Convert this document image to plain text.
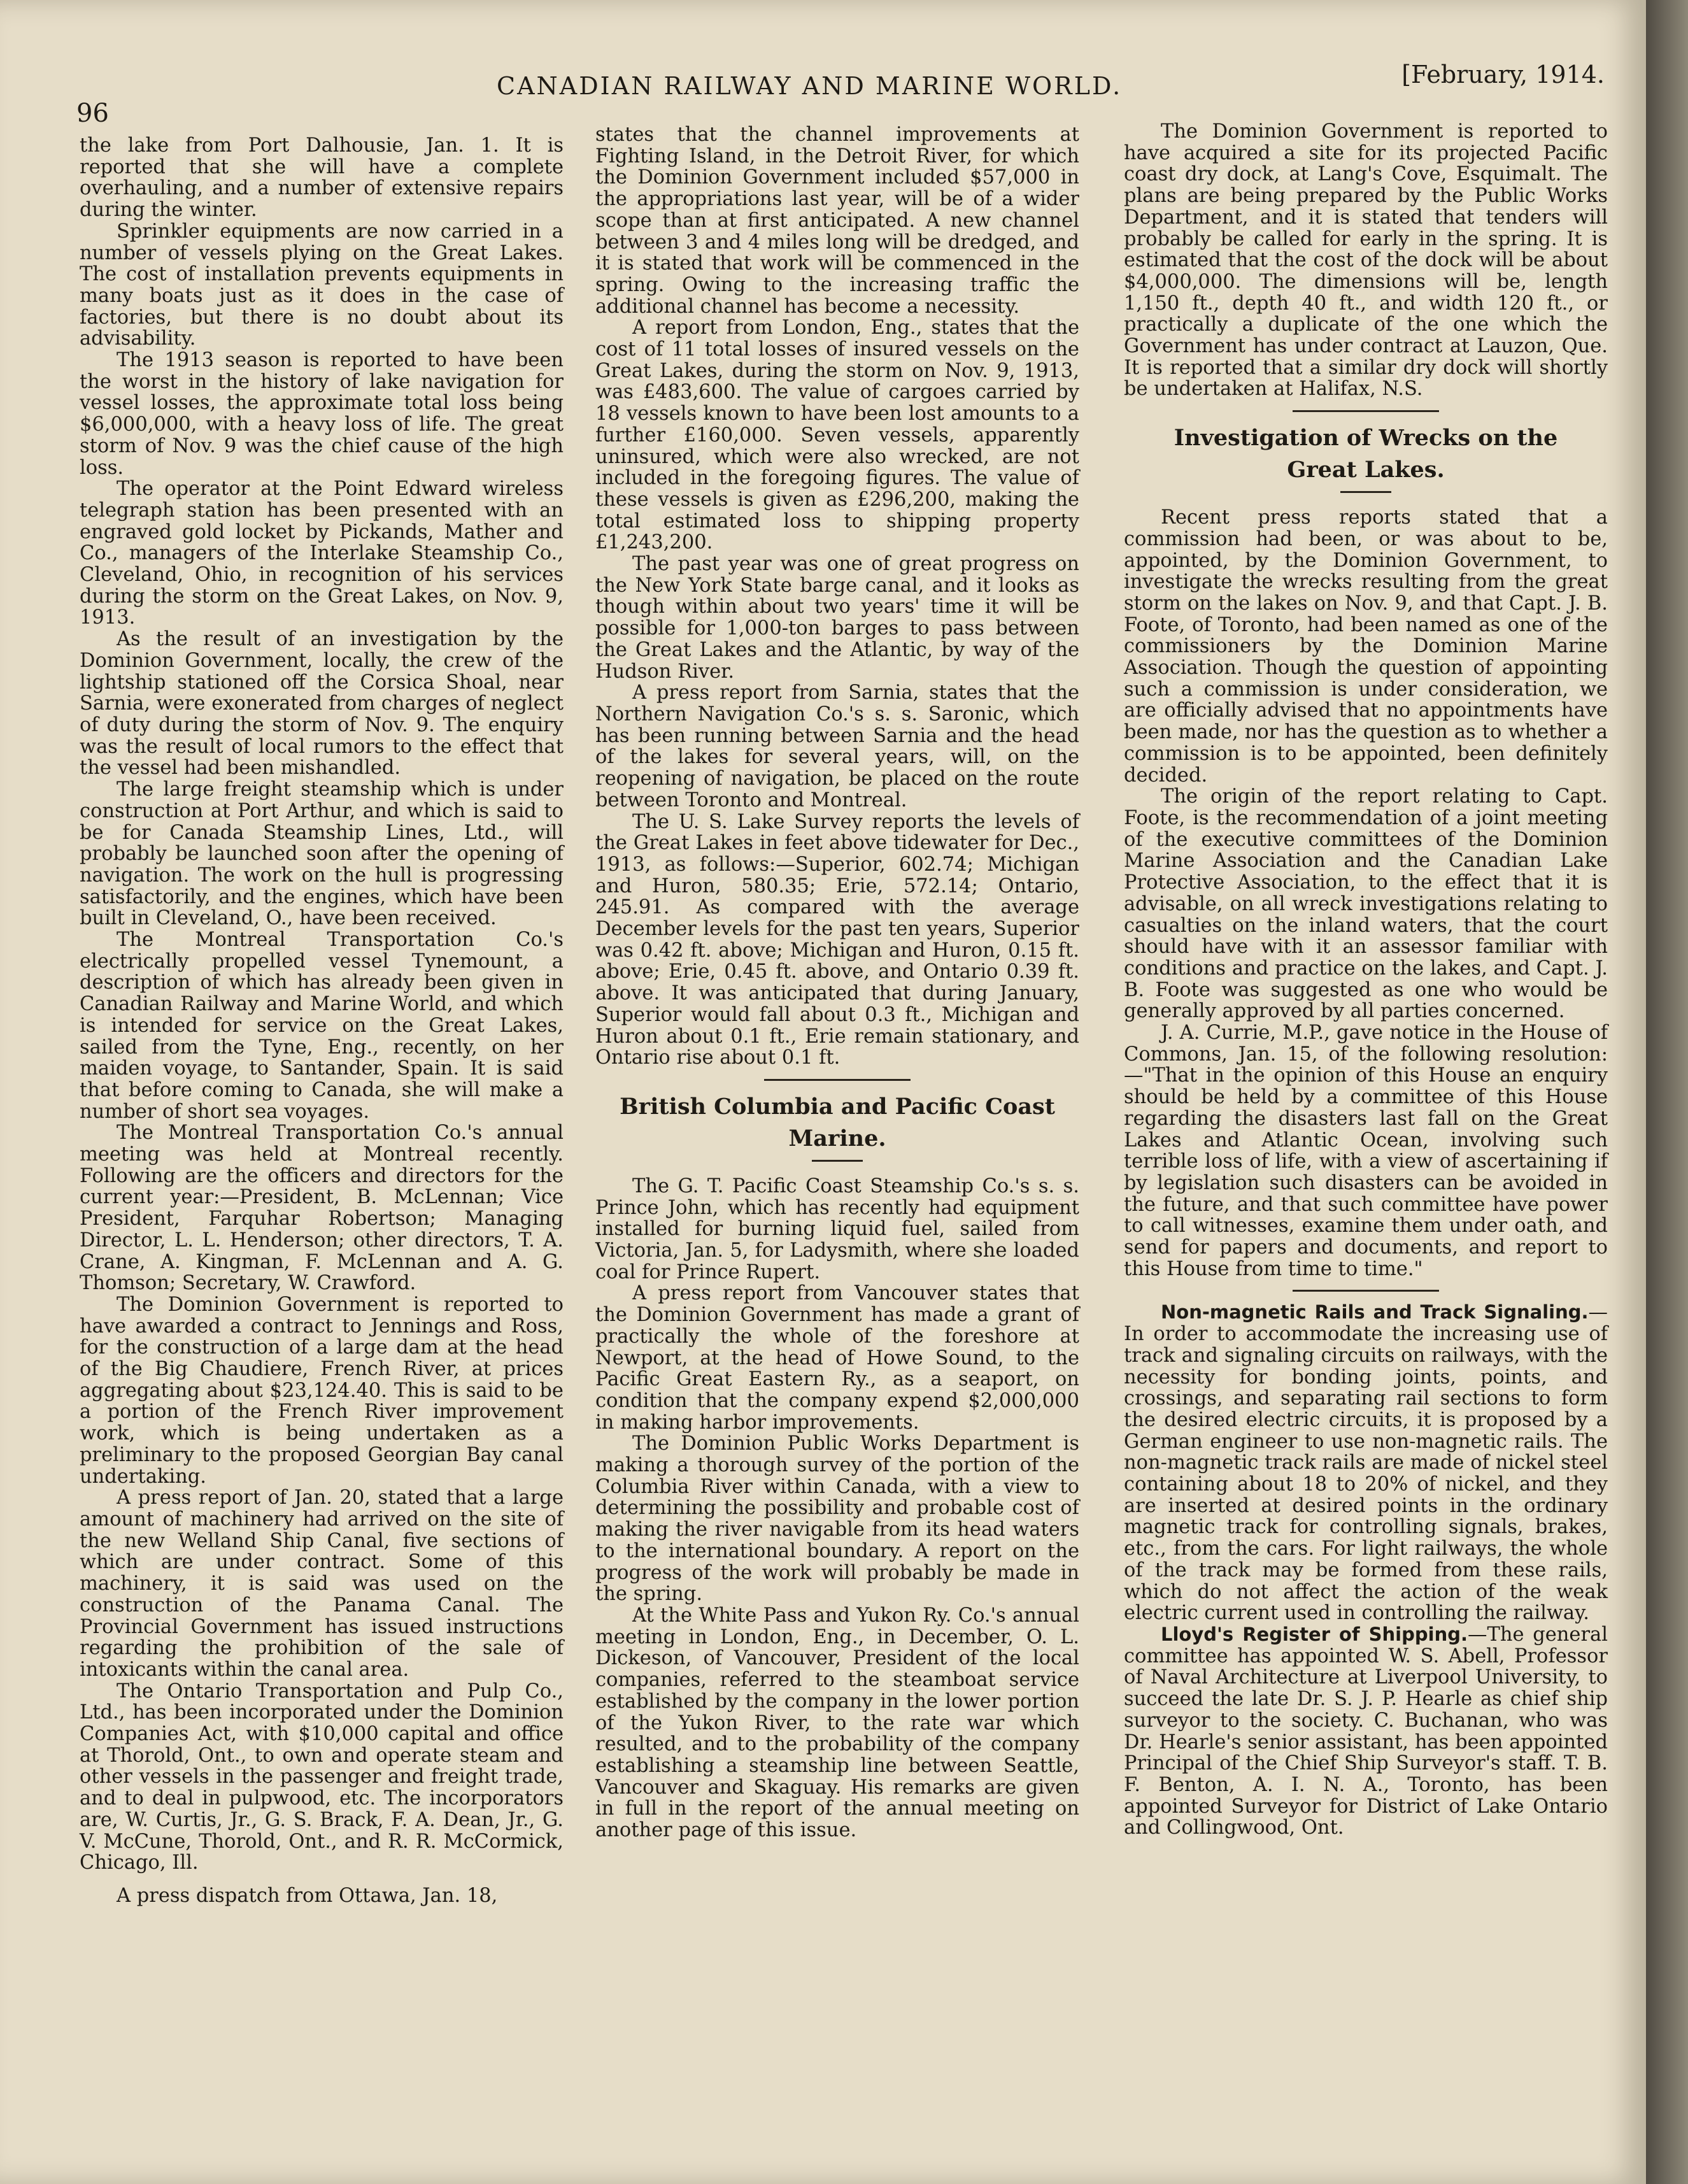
96
CANADIAN RAILWAY AND MARINE WORLD.	[February, 1914.

the lake from Port Dalhousie, Jan. 1. It is reported that she will have a complete overhauling, and a number of extensive repairs during the winter.

Sprinkler equipments are now carried in a number of vessels plying on the Great Lakes. The cost of installation prevents equipments in many boats just as it does in the case of factories, but there is no doubt about its advisability.

The 1913 season is reported to have been the worst in the history of lake navigation for vessel losses, the approximate total loss being $6,000,000, with a heavy loss of life. The great storm of Nov. 9 was the chief cause of the high loss.

The operator at the Point Edward wireless telegraph station has been presented with an engraved gold locket by Pickands, Mather and Co., managers of the Interlake Steamship Co., Cleveland, Ohio, in recognition of his services during the storm on the Great Lakes, on Nov. 9, 1913.

As the result of an investigation by the Dominion Government, locally, the crew of the lightship stationed off the Corsica Shoal, near Sarnia, were exonerated from charges of neglect of duty during the storm of Nov. 9. The enquiry was the result of local rumors to the effect that the vessel had been mishandled.

The large freight steamship which is under construction at Port Arthur, and which is said to be for Canada Steamship Lines, Ltd., will probably be launched soon after the opening of navigation. The work on the hull is progressing satisfactorily, and the engines, which have been built in Cleveland, O., have been received.

The Montreal Transportation Co.'s electrically propelled vessel Tynemount, a description of which has already been given in Canadian Railway and Marine World, and which is intended for service on the Great Lakes, sailed from the Tyne, Eng., recently, on her maiden voyage, to Santander, Spain. It is said that before coming to Canada, she will make a number of short sea voyages.

The Montreal Transportation Co.'s annual meeting was held at Montreal recently. Following are the officers and directors for the current year:—President, B. McLennan; Vice President, Farquhar Robertson; Managing Director, L. L. Henderson; other directors, T. A. Crane, A. Kingman, F. McLennan and A. G. Thomson; Secretary, W. Crawford.

The Dominion Government is reported to have awarded a contract to Jennings and Ross, for the construction of a large dam at the head of the Big Chaudiere, French River, at prices aggregating about $23,124.40. This is said to be a portion of the French River improvement work, which is being undertaken as a preliminary to the proposed Georgian Bay canal undertaking.

A press report of Jan. 20, stated that a large amount of machinery had arrived on the site of the new Welland Ship Canal, five sections of which are under contract. Some of this machinery, it is said was used on the construction of the Panama Canal. The Provincial Government has issued instructions regarding the prohibition of the sale of intoxicants within the canal area.

The Ontario Transportation and Pulp Co., Ltd., has been incorporated under the Dominion Companies Act, with $10,000 capital and office at Thorold, Ont., to own and operate steam and other vessels in the passenger and freight trade, and to deal in pulpwood, etc. The incorporators are, W. Curtis, Jr., G. S. Brack, F. A. Dean, Jr., G. V. McCune, Thorold, Ont., and R. R. McCormick, Chicago, Ill.

A press dispatch from Ottawa, Jan. 18,

states that the channel improvements at Fighting Island, in the Detroit River, for which the Dominion Government included $57,000 in the appropriations last year, will be of a wider scope than at first anticipated. A new channel between 3 and 4 miles long will be dredged, and it is stated that work will be commenced in the spring. Owing to the increasing traffic the additional channel has become a necessity.

A report from London, Eng., states that the cost of 11 total losses of insured vessels on the Great Lakes, during the storm on Nov. 9, 1913, was £483,600. The value of cargoes carried by 18 vessels known to have been lost amounts to a further £160,000. Seven vessels, apparently uninsured, which were also wrecked, are not included in the foregoing figures. The value of these vessels is given as £296,200, making the total estimated loss to shipping property £1,243,200.

The past year was one of great progress on the New York State barge canal, and it looks as though within about two years' time it will be possible for 1,000-ton barges to pass between the Great Lakes and the Atlantic, by way of the Hudson River.

A press report from Sarnia, states that the Northern Navigation Co.'s s. s. Saronic, which has been running between Sarnia and the head of the lakes for several years, will, on the reopening of navigation, be placed on the route between Toronto and Montreal.

The U. S. Lake Survey reports the levels of the Great Lakes in feet above tidewater for Dec., 1913, as follows:—Superior, 602.74; Michigan and Huron, 580.35; Erie, 572.14; Ontario, 245.91. As compared with the average December levels for the past ten years, Superior was 0.42 ft. above; Michigan and Huron, 0.15 ft. above; Erie, 0.45 ft. above, and Ontario 0.39 ft. above. It was anticipated that during January, Superior would fall about 0.3 ft., Michigan and Huron about 0.1 ft., Erie remain stationary, and Ontario rise about 0.1 ft.

British Columbia and Pacific Coast Marine.

The G. T. Pacific Coast Steamship Co.'s s. s. Prince John, which has recently had equipment installed for burning liquid fuel, sailed from Victoria, Jan. 5, for Ladysmith, where she loaded coal for Prince Rupert.

A press report from Vancouver states that the Dominion Government has made a grant of practically the whole of the foreshore at Newport, at the head of Howe Sound, to the Pacific Great Eastern Ry., as a seaport, on condition that the company expend $2,000,000 in making harbor improvements.

The Dominion Public Works Department is making a thorough survey of the portion of the Columbia River within Canada, with a view to determining the possibility and probable cost of making the river navigable from its head waters to the international boundary. A report on the progress of the work will probably be made in the spring.

At the White Pass and Yukon Ry. Co.'s annual meeting in London, Eng., in December, O. L. Dickeson, of Vancouver, President of the local companies, referred to the steamboat service established by the company in the lower portion of the Yukon River, to the rate war which resulted, and to the probability of the company establishing a steamship line between Seattle, Vancouver and Skaguay. His remarks are given in full in the report of the annual meeting on another page of this issue.

The Dominion Government is reported to have acquired a site for its projected Pacific coast dry dock, at Lang's Cove, Esquimalt. The plans are being prepared by the Public Works Department, and it is stated that tenders will probably be called for early in the spring. It is estimated that the cost of the dock will be about $4,000,000. The dimensions will be, length 1,150 ft., depth 40 ft., and width 120 ft., or practically a duplicate of the one which the Government has under contract at Lauzon, Que. It is reported that a similar dry dock will shortly be undertaken at Halifax, N.S.

Investigation of Wrecks on the Great Lakes.

Recent press reports stated that a commission had been, or was about to be, appointed, by the Dominion Government, to investigate the wrecks resulting from the great storm on the lakes on Nov. 9, and that Capt. J. B. Foote, of Toronto, had been named as one of the commissioners by the Dominion Marine Association. Though the question of appointing such a commission is under consideration, we are officially advised that no appointments have been made, nor has the question as to whether a commission is to be appointed, been definitely decided.

The origin of the report relating to Capt. Foote, is the recommendation of a joint meeting of the executive committees of the Dominion Marine Association and the Canadian Lake Protective Association, to the effect that it is advisable, on all wreck investigations relating to casualties on the inland waters, that the court should have with it an assessor familiar with conditions and practice on the lakes, and Capt. J. B. Foote was suggested as one who would be generally approved by all parties concerned.

J. A. Currie, M.P., gave notice in the House of Commons, Jan. 15, of the following resolution:—"That in the opinion of this House an enquiry should be held by a committee of this House regarding the disasters last fall on the Great Lakes and Atlantic Ocean, involving such terrible loss of life, with a view of ascertaining if by legislation such disasters can be avoided in the future, and that such committee have power to call witnesses, examine them under oath, and send for papers and documents, and report to this House from time to time."

Non-magnetic Rails and Track Signaling.—In order to accommodate the increasing use of track and signaling circuits on railways, with the necessity for bonding joints, points, and crossings, and separating rail sections to form the desired electric circuits, it is proposed by a German engineer to use non-magnetic rails. The non-magnetic track rails are made of nickel steel containing about 18 to 20% of nickel, and they are inserted at desired points in the ordinary magnetic track for controlling signals, brakes, etc., from the cars. For light railways, the whole of the track may be formed from these rails, which do not affect the action of the weak electric current used in controlling the railway.

Lloyd's Register of Shipping.—The general committee has appointed W. S. Abell, Professor of Naval Architecture at Liverpool University, to succeed the late Dr. S. J. P. Hearle as chief ship surveyor to the society. C. Buchanan, who was Dr. Hearle's senior assistant, has been appointed Principal of the Chief Ship Surveyor's staff. T. B. F. Benton, A. I. N. A., Toronto, has been appointed Surveyor for District of Lake Ontario and Collingwood, Ont.
